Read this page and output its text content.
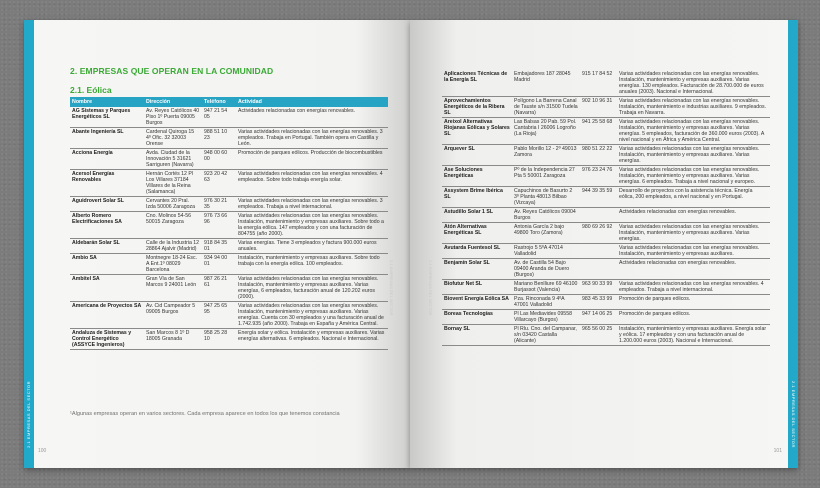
2.1 EMPRESAS DEL SECTOR
2. EMPRESAS QUE OPERAN EN LA COMUNIDAD
2.1. Eólica
Nombre	Dirección	Teléfono	Actividad
AG Sistemas y Parques Energéticos SL	Av. Reyes Católicos 40 Piso 1º Puerta 09005 Burgos	947 21 54 05	Actividades relacionadas con energías renovables.
Abante Ingeniería SL	Cardenal Quiroga 15 4º Ofic. 32 32003 Orense	988 51 10 23	Varias actividades relacionadas con las energías renovables. 3 empleados. Trabaja en Portugal. También opera en Castilla y León.
Acciona Energía	Avda. Ciudad de la Innovación 5 31621 Sarriguren (Navarra)	948 00 60 00	Promoción de parques eólicos. Producción de biocombustibles
Acersol Energías Renovables	Hernán Cortés 12 Pl Los Villares 37184 Villares de la Reina (Salamanca)	923 20 42 63	Varias actividades relacionadas con las energías renovables. 4 empleados. Sobre todo trabaja energía solar.
Aguidrovert Solar SL	Cervantes 20 Pral. Izda 50006 Zaragoza	976 30 21 35	Varias actividades relacionadas con las energías renovables. 3 empleados. Trabaja a nivel internacional.
Alberto Romero Electrificaciones SA	Cno. Molinos 54-56 50015 Zaragoza	976 73 66 96	Varias actividades relacionadas con las energías renovables. Instalación, mantenimiento y empresas auxiliares. Sobre todo a la energía eólica. 147 empleados y con una facturación de 804755 (año 2000).
Aldebarán Solar SL	Calle de la Industria 12 28864 Ajalvir (Madrid)	918 84 35 01	Varias energías. Tiene 3 empleados y factura 900.000 euros anuales.
Ambio SA	Montnegre 18-24 Esc. A Ent.1º 08029 Barcelona	934 94 00 01	Instalación, mantenimiento y empresas auxiliares. Sobre todo trabaja con la energía eólica. 100 empleados.
Ambitel SA	Gran Vía de San Marcos 9 24001 León	987 26 21 61	Varias actividades relacionadas con las energías renovables. Instalación, mantenimiento y empresas auxiliares. Varias energías, 6 empleados, facturación anual de 120.202 euros (2000).
Americana de Proyectos SA	Av. Cid Campeador 5 09005 Burgos	947 25 65 95	Varias actividades relacionadas con las energías renovables. Instalación, mantenimiento y empresas auxiliares. Varias energías. Cuenta con 30 empleados y una facturación anual de 1.742.935 (año 2000). Trabaja en España y América Central.
Andaluza de Sistemas y Control Energético (ASSYCE Ingenieros)	San Marcos 8 1º D 18005 Granada	958 25 28 10	Energía solar y eólica. Instalación y empresas auxiliares. Varias energías alternativas. 6 empleados. Nacional e Internacional.
¹Algunas empresas operan en varios sectores. Cada empresa aparece en todos los que tenemos constancia
2.1 EMPRESAS DEL SECTOR
100
2.1 EMPRESAS DEL SECTOR
2.1 EMPRESAS DEL SECTOR
Aplicaciones Técnicas de la Energía SL	Embajadores 187 28045 Madrid	915 17 84 52	Varias actividades relacionadas con las energías renovables. Instalación, mantenimiento y empresas auxiliares. Varias energías. 130 empleados. Facturación de 28.700.000 de euros anuales (2003). Nacional e Internacional.
Aprovechamientos Energéticos de la Ribera SL	Polígono La Barrena Canal de Tauste s/n 31500 Tudela (Navarra)	902 10 96 31	Varias actividades relacionadas con las energías renovables. Instalación, mantenimiento e industrias auxiliares. 9 empleados. Trabaja en Navarra.
Areixol Alternativas Riojanas Eólicas y Solares SL	Las Balsas 20 Pab. 59 Pol. Cantabria I 26006 Logroño (La Rioja)	941 25 58 68	Varias actividades relacionadas con las energías renovables. Instalación, mantenimiento y empresas auxiliares. Varias energías. 5 empleados, facturación de 360.000 euros (2003). A nivel nacional y en África y América Central.
Arquever SL	Pablo Morillo 12 - 2º 49013 Zamora	980 51 22 22	Varias actividades relacionadas con las energías renovables. Instalación, mantenimiento y empresas auxiliares. Varias energías.
Ase Soluciones Energéticas	Pº de la Independencia 27 Pta 5 50001 Zaragoza	976 23 24 76	Varias actividades relacionadas con las energías renovables. Instalación, mantenimiento y empresas auxiliares. Varias energías. 6 empleados. Trabaja a nivel nacional y europeo.
Assystem Brime Ibérica SL	Capuchinos de Basurto 2 3º Planta 48013 Bilbao (Vizcaya)	944 39 35 59	Desarrollo de proyectos con la asistencia técnica. Energía eólica, 200 empleados, a nivel nacional y en Portugal.
Astudillo Solar 1 SL	Av. Reyes Católicos 09004 Burgos		Actividades relacionadas con energías renovables.
Atón Alternativas Energéticas SL	Antonia García 2 bajo 49800 Toro (Zamora)	980 69 26 92	Varias actividades relacionadas con las energías renovables. Instalación, mantenimiento y empresas auxiliares. Varias energías.
Avutarda Fuentesol SL	Rastrojo 5 5ºA 47014 Valladolid		Varias actividades relacionadas con las energías renovables. Instalación, mantenimiento y empresas auxiliares.
Benjamín Solar SL	Av. de Castilla 54 Bajo 09400 Aranda de Duero (Burgos)		Actividades relacionadas con energías renovables.
Biofutur Net SL	Mariano Benlliure 69 46100 Burjassot (Valencia)	963 90 33 99	Varias actividades relacionadas con las energías renovables. 4 empleados. Trabaja a nivel internacional.
Biovent Energía Eólica SA	Pza. Rinconada 9 4ºA 47001 Valladolid	983 45 33 99	Promoción de parques eólicos.
Boreas Tecnologías	Pl Las Mediavides 09558 Villarcayo (Burgos)	947 14 06 25	Promoción de parques eólicos.
Bornay SL	Pl Rlu. Cno. del Campanar, s/n 03420 Castalla (Alicante)	965 56 00 25	Instalación, mantenimiento y empresas auxiliares. Energía solar y eólica. 17 empleados y con una facturación anual de 1.200.000 euros (2003). Nacional e Internacional.
101
